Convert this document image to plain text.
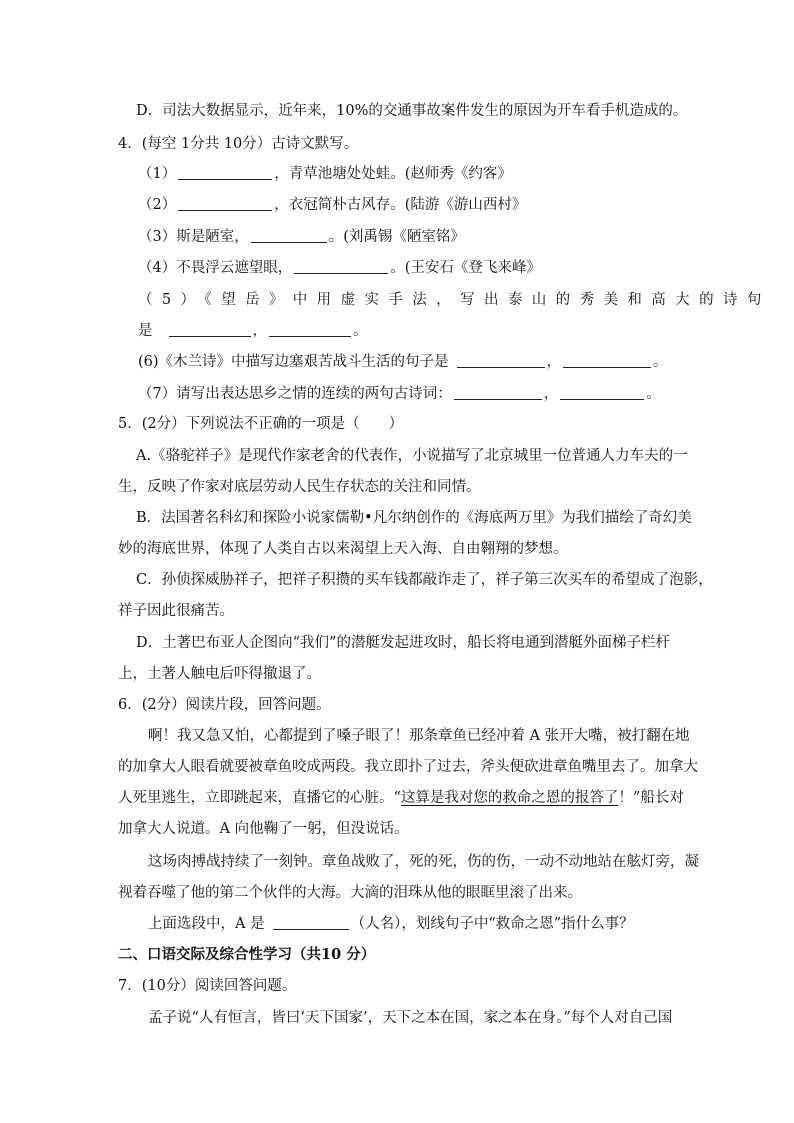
D．司法大数据显示，近年来，10%的交通事故案件发生的原因为开车看手机造成的。
4．(每空 1分共 10分）古诗文默写。
（1）	，青草池塘处处蛙。(赵师秀《约客》
（2）	，衣冠简朴古风存。(陆游《游山西村》
（3）斯是陋室，	。(刘禹锡《陋室铭》
（4）不畏浮云遮望眼，	。(王安石《登飞来峰》
（5）《望岳》中用虚实手法，写出泰山的秀美和高大的诗句
是	，	。
(6)《木兰诗》中描写边塞艰苦战斗生活的句子是	，	。
（7）请写出表达思乡之情的连续的两句古诗词：	，	。
5．(2分）下列说法不正确的一项是（　　）
A.《骆驼祥子》是现代作家老舍的代表作，小说描写了北京城里一位普通人力车夫的一
生，反映了作家对底层劳动人民生存状态的关注和同情。
B．法国著名科幻和探险小说家儒勒•凡尔纳创作的《海底两万里》为我们描绘了奇幻美
妙的海底世界，体现了人类自古以来渴望上天入海、自由翱翔的梦想。
C．孙侦探威胁祥子，把祥子积攒的买车钱都敲诈走了，祥子第三次买车的希望成了泡影，
祥子因此很痛苦。
D．土著巴布亚人企图向“我们”的潜艇发起进攻时，船长将电通到潜艇外面梯子栏杆
上，土著人触电后吓得撤退了。
6．(2分）阅读片段，回答问题。
啊！我又急又怕，心都提到了嗓子眼了！那条章鱼已经冲着 A 张开大嘴，被打翻在地
的加拿大人眼看就要被章鱼咬成两段。我立即扑了过去，斧头便砍进章鱼嘴里去了。加拿大
人死里逃生，立即跳起来，直播它的心脏。“这算是我对您的救命之恩的报答了！”船长对
加拿大人说道。A 向他鞠了一躬，但没说话。
这场肉搏战持续了一刻钟。章鱼战败了，死的死，伤的伤，一动不动地站在舷灯旁，凝
视着吞噬了他的第二个伙伴的大海。大滴的泪珠从他的眼眶里滚了出来。
上面选段中，A 是	（人名），划线句子中“救命之恩”指什么事？
二、口语交际及综合性学习（共10 分）
7．(10分）阅读回答问题。
孟子说“人有恒言，皆曰‘天下国家’，天下之本在国，家之本在身。”每个人对自己国
